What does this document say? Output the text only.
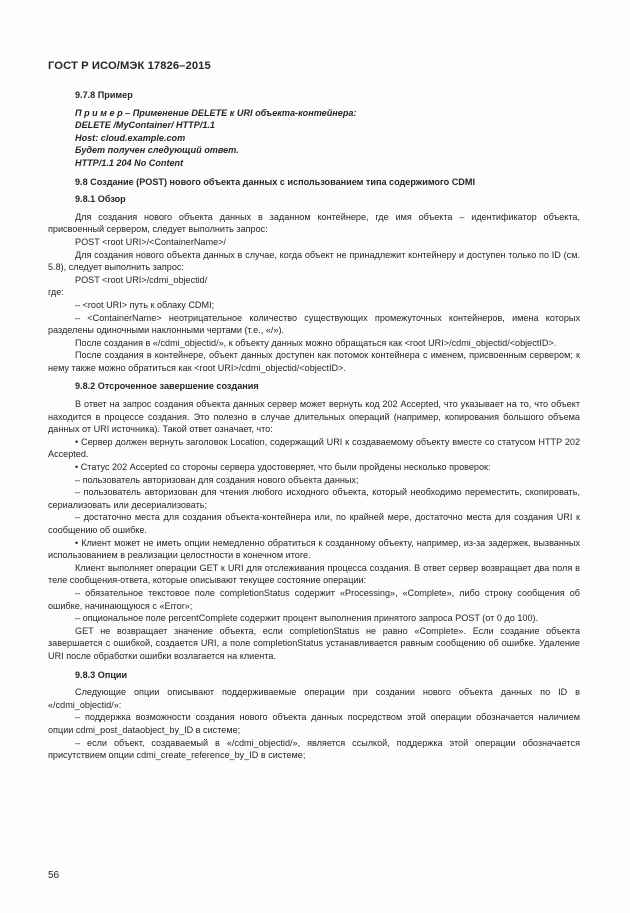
ГОСТ Р ИСО/МЭК 17826–2015

9.7.8 Пример

П р и м е р – Применение DELETE к URI объекта-контейнера:

DELETE /MyContainer/ HTTP/1.1

Host: cloud.example.com

Будет получен следующий ответ.

HTTP/1.1 204 No Content

9.8 Создание (POST) нового объекта данных с использованием типа содержимого CDMI

9.8.1 Обзор

Для создания нового объекта данных в заданном контейнере, где имя объекта – идентификатор объекта, присвоенный сервером, следует выполнить запрос:

POST <root URI>/<ContainerName>/

Для создания нового объекта данных в случае, когда объект не принадлежит контейнеру и доступен только по ID (см. 5.8), следует выполнить запрос:

POST <root URI>/cdmi_objectid/

где:

– <root URI> путь к облаку CDMI;

– <ContainerName> неотрицательное количество существующих промежуточных контейнеров, имена которых разделены одиночными наклонными чертами (т.е., «/»).

После создания в «/cdmi_objectid/», к объекту данных можно обращаться как <root URI>/cdmi_objectid/<objectID>.

После создания в контейнере, объект данных доступен как потомок контейнера с именем, присвоенным сервером; к нему также можно обратиться как <root URI>/cdmi_objectid/<objectID>.

9.8.2 Отсроченное завершение создания

В ответ на запрос создания объекта данных сервер может вернуть код 202 Accepted, что указывает на то, что объект находится в процессе создания. Это полезно в случае длительных операций (например, копирования большого объема данных от URI источника). Такой ответ означает, что:

• Сервер должен вернуть заголовок Location, содержащий URI к создаваемому объекту вместе со статусом HTTP 202 Accepted.

• Статус 202 Accepted со стороны сервера удостоверяет, что были пройдены несколько проверок:

– пользователь авторизован для создания нового объекта данных;

– пользователь авторизован для чтения любого исходного объекта, который необходимо переместить, скопировать, сериализовать или десериализовать;

– достаточно места для создания объекта-контейнера или, по крайней мере, достаточно места для создания URI к сообщению об ошибке.

• Клиент может не иметь опции немедленно обратиться к созданному объекту, например, из-за задержек, вызванных использованием в реализации целостности в конечном итоге.

Клиент выполняет операции GET к URI для отслеживания процесса создания. В ответ сервер возвращает два поля в теле сообщения-ответа, которые описывают текущее состояние операции:

– обязательное текстовое поле completionStatus содержит «Processing», «Complete», либо строку сообщения об ошибке, начинающуюся с «Error»;

– опциональное поле percentComplete содержит процент выполнения принятого запроса POST (от 0 до 100).

GET не возвращает значение объекта, если completionStatus не равно «Complete». Если создание объекта завершается с ошибкой, создается URI, а поле completionStatus устанавливается равным сообщению об ошибке. Удаление URI после обработки ошибки возлагается на клиента.

9.8.3 Опции

Следующие опции описывают поддерживаемые операции при создании нового объекта данных по ID в «/cdmi_objectid/»:

– поддержка возможности создания нового объекта данных посредством этой операции обозначается наличием опции cdmi_post_dataobject_by_ID в системе;

– если объект, создаваемый в «/cdmi_objectid/», является ссылкой, поддержка этой операции обозначается присутствием опции cdmi_create_reference_by_ID в системе;

56
